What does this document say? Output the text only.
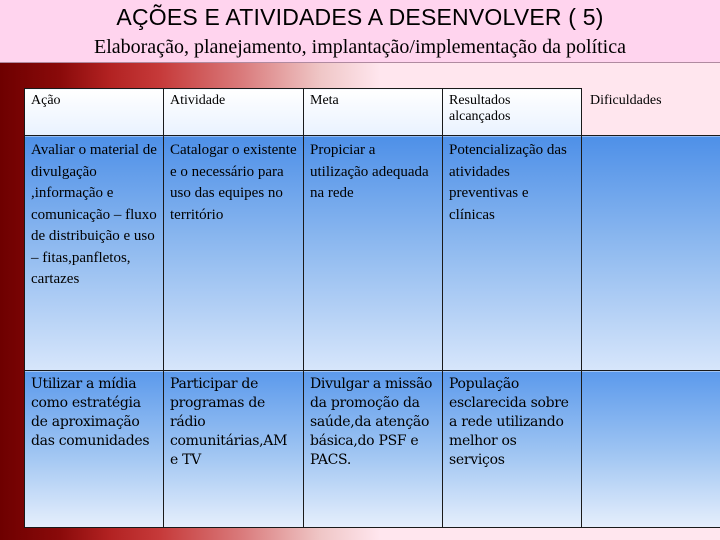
AÇÕES E ATIVIDADES A DESENVOLVER ( 5)
Elaboração, planejamento, implantação/implementação da política
Ação	Atividade	Meta	Resultados alcançados	Dificuldades
Avaliar o material de divulgação ,informação e comunicação – fluxo de distribuição e uso – fitas,panfletos, cartazes	Catalogar o existente e o necessário para uso das equipes no território	Propiciar a utilização adequada na rede	Potencialização das atividades preventivas e clínicas	
Utilizar a mídia como estratégia de aproximação das comunidades	Participar de programas de rádio comunitárias,AM e TV	Divulgar a missão da promoção da saúde,da atenção básica,do PSF e PACS.	População esclarecida sobre a rede utilizando melhor os serviços	
